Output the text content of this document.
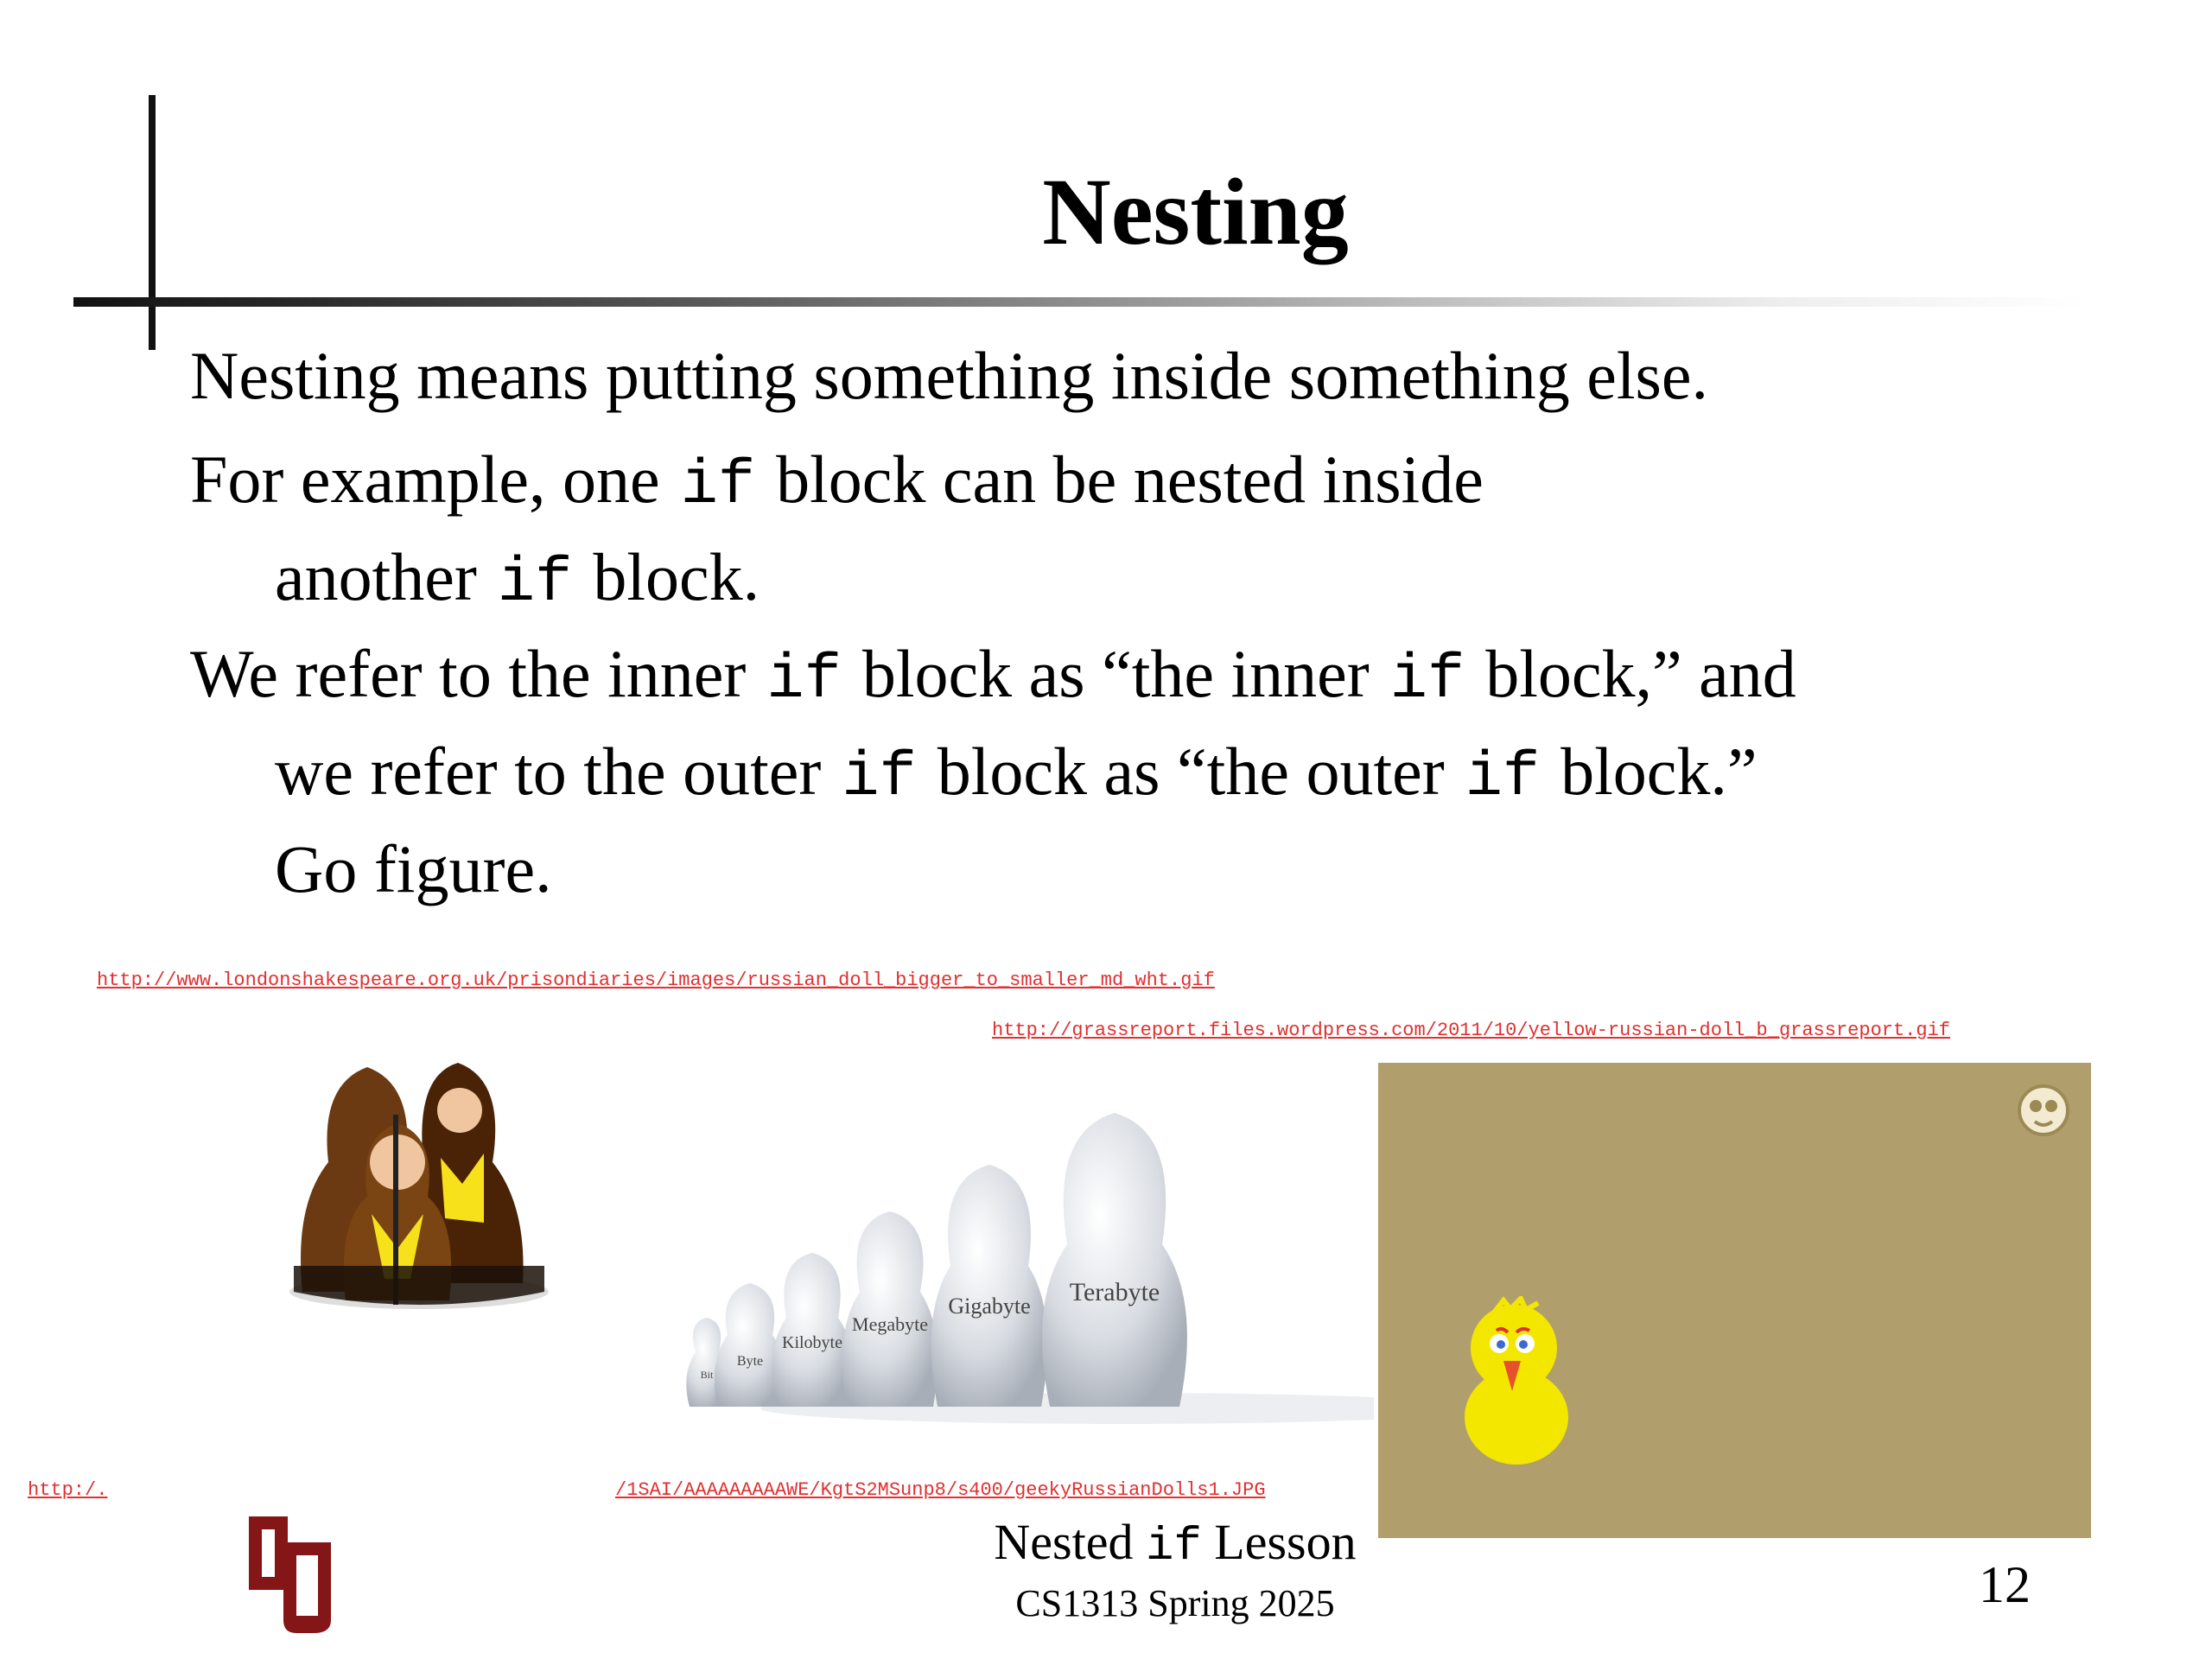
Nesting
Nesting means putting something inside something else.
For example, one if block can be nested inside
another if block.
We refer to the inner if block as “the inner if block,” and
we refer to the outer if block as “the outer if block.”
Go figure.
http://www.londonshakespeare.org.uk/prisondiaries/images/russian_doll_bigger_to_smaller_md_wht.gif
http://grassreport.files.wordpress.com/2011/10/yellow-russian-doll_b_grassreport.gif
Bit
Byte
Kilobyte
Megabyte
Gigabyte Terabyte
http:/.	/1SAI/AAAAAAAAAWE/KgtS2MSunp8/s400/geekyRussianDolls1.JPG
Nested if Lesson
CS1313 Spring 2025	12
